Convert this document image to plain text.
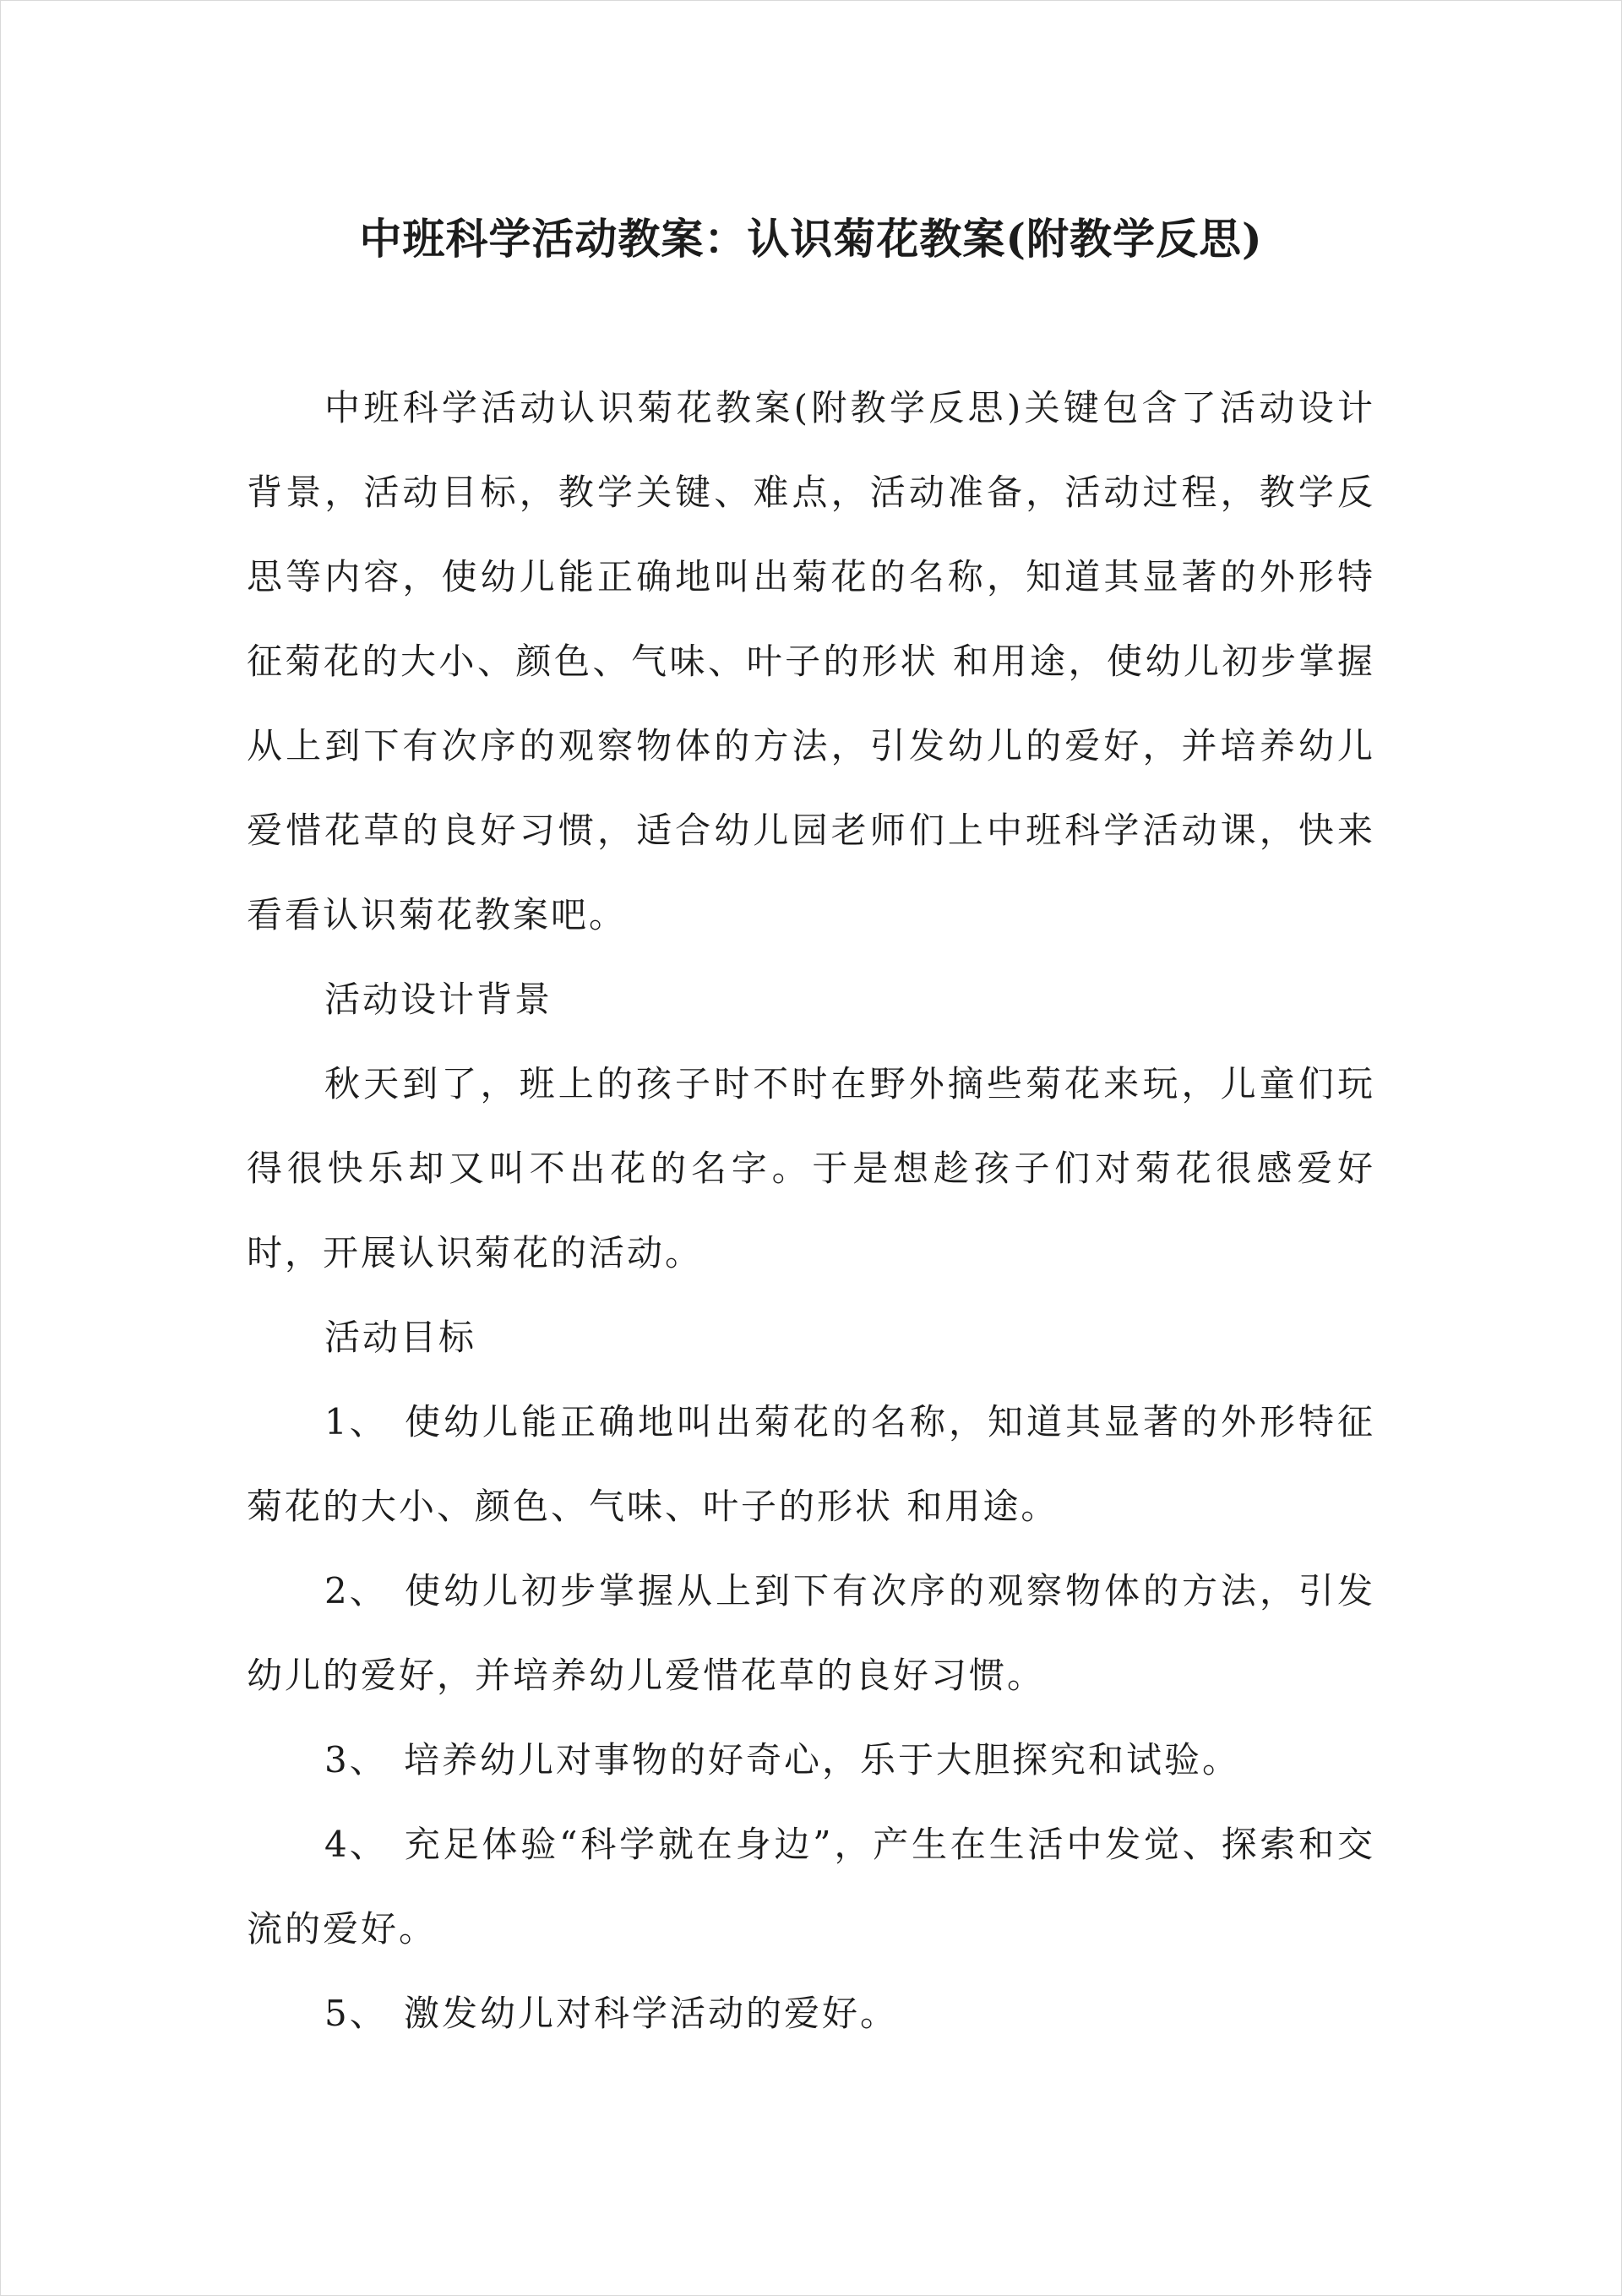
中班科学活动教案：认识菊花教案(附教学反思)

中班科学活动认识菊花教案(附教学反思)关键包含了活动设计背景，活动目标，教学关键、难点，活动准备，活动过程，教学反思等内容，使幼儿能正确地叫出菊花的名称，知道其显著的外形特征菊花的大小、颜色、气味、叶子的形状 和用途，使幼儿初步掌握从上到下有次序的观察物体的方法，引发幼儿的爱好，并培养幼儿爱惜花草的良好习惯，适合幼儿园老师们上中班科学活动课，快来看看认识菊花教案吧。

活动设计背景

秋天到了，班上的孩子时不时在野外摘些菊花来玩，儿童们玩得很快乐却又叫不出花的名字。于是想趁孩子们对菊花很感爱好时，开展认识菊花的活动。

活动目标

1、 使幼儿能正确地叫出菊花的名称，知道其显著的外形特征菊花的大小、颜色、气味、叶子的形状 和用途。

2、 使幼儿初步掌握从上到下有次序的观察物体的方法，引发幼儿的爱好，并培养幼儿爱惜花草的良好习惯。

3、 培养幼儿对事物的好奇心，乐于大胆探究和试验。

4、 充足体验“科学就在身边”，产生在生活中发觉、探索和交流的爱好。

5、 激发幼儿对科学活动的爱好。
